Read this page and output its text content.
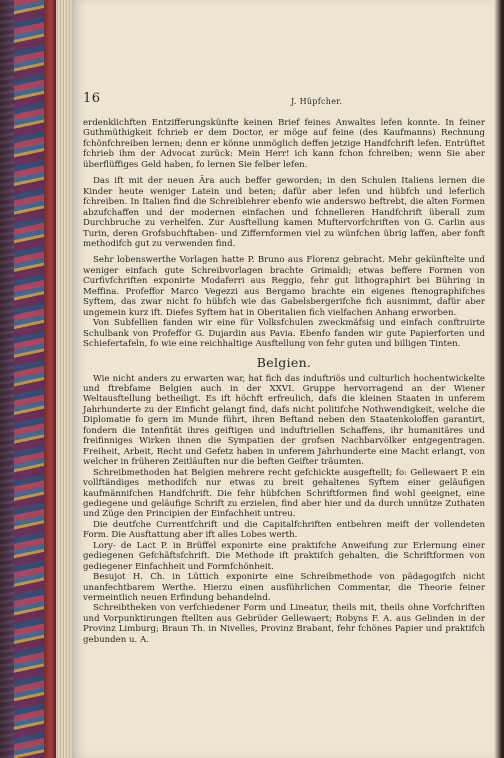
16	J. Hüpfcher.

erdenklichften Entzifferungskünfte keinen Brief feines Anwaltes lefen konnte. In feiner Guthmüthigkeit fchrieb er dem Doctor, er möge auf feine (des Kaufmanns) Rechnung fchönfchreiben lernen; denn er könne unmöglich deffen jetzige Handfchrift lefen. Entrüftet fchrieb ihm der Advocat zurück: Mein Herr! ich kann fchon fchreiben; wenn Sie aber überflüffiges Geld haben, fo lernen Sie felber lefen.

Das ift mit der neuen Ära auch beffer geworden; in den Schulen Italiens lernen die Kinder heute weniger Latein und beten; dafür aber lefen und hübfch und leferlich fchreiben. In Italien find die Schreiblehrer ebenfo wie anderswo beftrebt, die alten Formen abzufchaffen und der modernen einfachen und fchnelleren Handfchrift überall zum Durchbruche zu verhelfen. Zur Ausftellung kamen Muftervorfchriften von G. Carlin aus Turin, deren Grofsbuchftaben- und Ziffernformen viel zu wünfchen übrig laffen, aber fonft methodifch gut zu verwenden find.

Sehr lobenswerthe Vorlagen hatte P. Bruno aus Florenz gebracht. Mehr gekünftelte und weniger einfach gute Schreibvorlagen brachte Grimaldi; etwas beffere Formen von Curfivfchriften exponirte Modaferri aus Reggio, fehr gut lithographirt bei Bühring in Meffina. Profeffor Marco Vegezzi aus Bergamo brachte ein eigenes ftenographifches Syftem, das zwar nicht fo hübfch wie das Gabelsbergerifche fich ausnimmt, dafür aber ungemein kurz ift. Diefes Syftem hat in Oberitalien fich vielfachen Anhang erworben.

Von Subfellien fanden wir eine für Volksfchulen zweckmäfsig und einfach conftruirte Schulbank von Profeffor G. Dujardin aus Pavia. Ebenfo fanden wir gute Papierforten und Schiefertafeln, fo wie eine reichhaltige Ausftellung von fehr guten und billigen Tinten.

Belgien.

Wie nicht anders zu erwarten war, hat fich das induftriös und culturlich hochentwickelte und ftrebfame Belgien auch in der XXVI. Gruppe hervorragend an der Wiener Weltausftellung betheiligt. Es ift höchft erfreulich, dafs die kleinen Staaten in unferem Jahrhunderte zu der Einficht gelangt find, dafs nicht politifche Nothwendigkeit, welche die Diplomatie fo gern im Munde führt, ihren Beftand neben den Staatenkoloffen garantirt, fondern die Intenfität ihres geiftigen und induftriellen Schaffens, ihr humanitäres und freifinniges Wirken ihnen die Sympatien der grofsen Nachbarvölker entgegentragen. Freiheit, Arbeit, Recht und Gefetz haben in unferem Jahrhunderte eine Macht erlangt, von welcher in früheren Zeitläuften nur die beften Geifter träumten.

Schreibmethoden hat Belgien mehrere recht gefchickte ausgeftellt; fo: Gellewaert P. ein vollftändiges methodifch nur etwas zu breit gehaltenes Syftem einer geläufigen kaufmännifchen Handfchrift. Die fehr hübfchen Schriftformen find wohl geeignet, eine gediegene und geläufige Schrift zu erzielen, find aber hier und da durch unnütze Zuthaten und Züge den Principien der Einfachheit untreu.

Die deutfche Currentfchrift und die Capitalfchriften entbehren meift der vollendeten Form. Die Ausftattung aber ift alles Lobes werth.

Lory- de Lact P. in Brüffel exponirte eine praktifche Anweifung zur Erlernung einer gediegenen Gefchäftsfchrift. Die Methode ift praktifch gehalten, die Schriftformen von gediegener Einfachheit und Formfchönheit.

Besujot H. Ch. in Lüttich exponirte eine Schreibmethode von pädagogifch nicht unanfechtbarem Werthe. Hierzu einen ausführlichen Commentar, die Theorie feiner vermeintlich neuen Erfindung behandelnd.

Schreibtheken von verfchiedener Form und Lineatur, theils mit, theils ohne Vorfchriften und Vorpunktirungen ftellten aus Gebrüder Gellewaert; Robyns F. A. aus Gelinden in der Provinz Limburg; Braun Th. in Nivelles, Provinz Brabant, fehr fchönes Papier und praktifch gebunden u. A.
